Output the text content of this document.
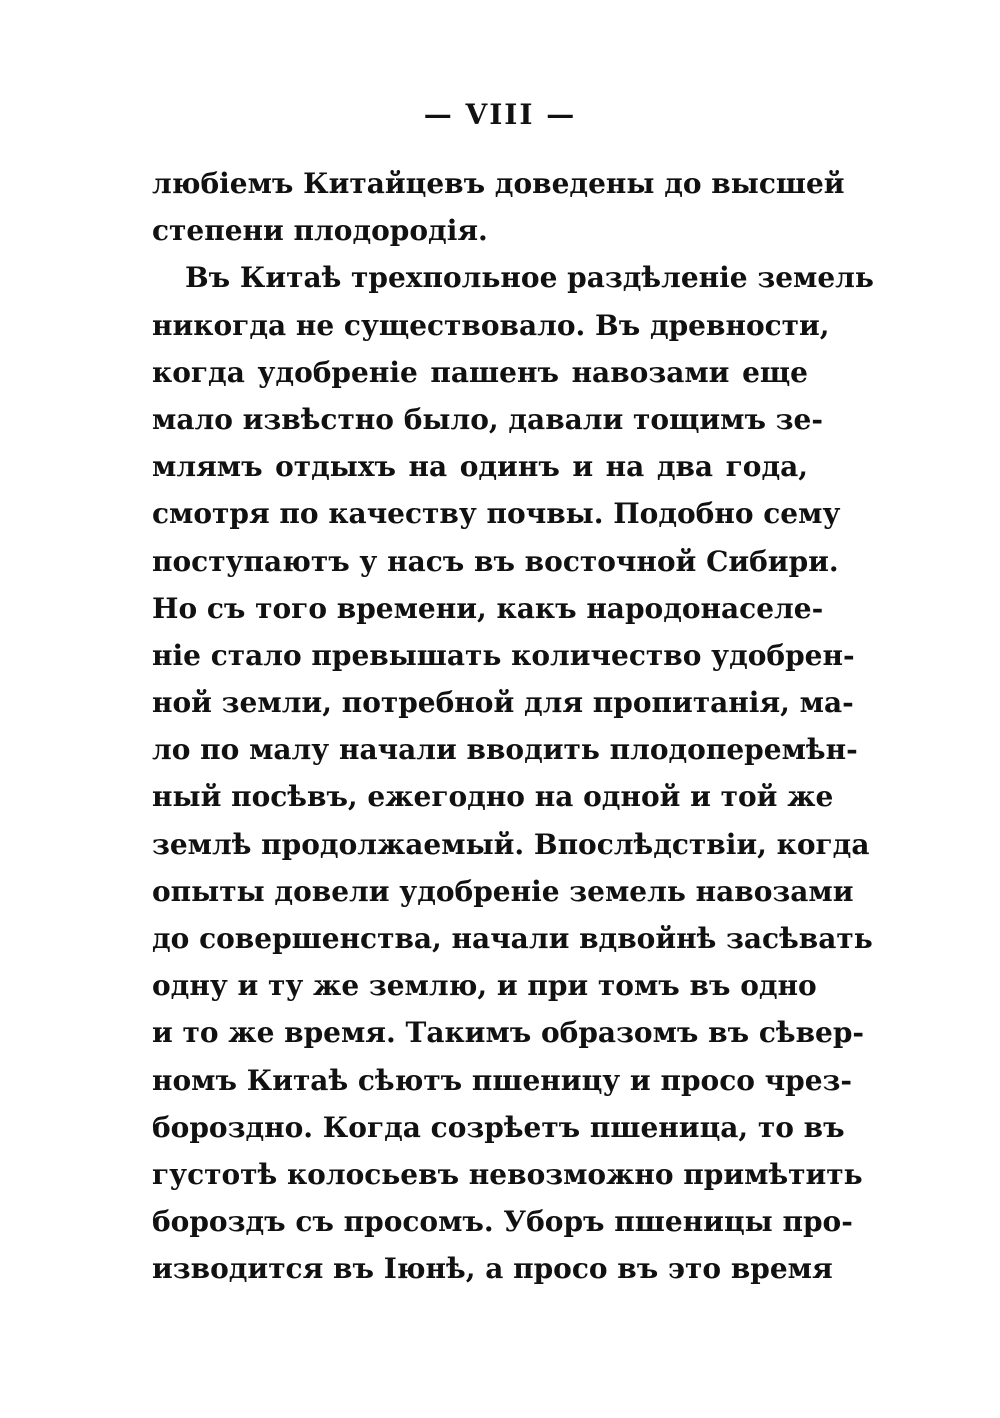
— VIII —
любіемъ Китайцевъ доведены до высшей
степени плодородія.
Въ Китаѣ трехпольное раздѣленіе земель
никогда не существовало. Въ древности,
когда удобреніе пашенъ навозами еще
мало извѣстно было, давали тощимъ зе-
млямъ отдыхъ на одинъ и на два года,
смотря по качеству почвы. Подобно сему
поступаютъ у насъ въ восточной Сибири.
Но съ того времени, какъ народонаселе-
ніе стало превышать количество удобрен-
ной земли, потребной для пропитанія, ма-
ло по малу начали вводить плодоперемѣн-
ный посѣвъ, ежегодно на одной и той же
землѣ продолжаемый. Впослѣдствіи, когда
опыты довели удобреніе земель навозами
до совершенства, начали вдвойнѣ засѣвать
одну и ту же землю, и при томъ въ одно
и то же время. Такимъ образомъ въ сѣвер-
номъ Китаѣ сѣютъ пшеницу и просо чрез-
бороздно. Когда созрѣетъ пшеница, то въ
густотѣ колосьевъ невозможно примѣтить
бороздъ съ просомъ. Уборъ пшеницы про-
изводится въ Іюнѣ, а просо въ это время
